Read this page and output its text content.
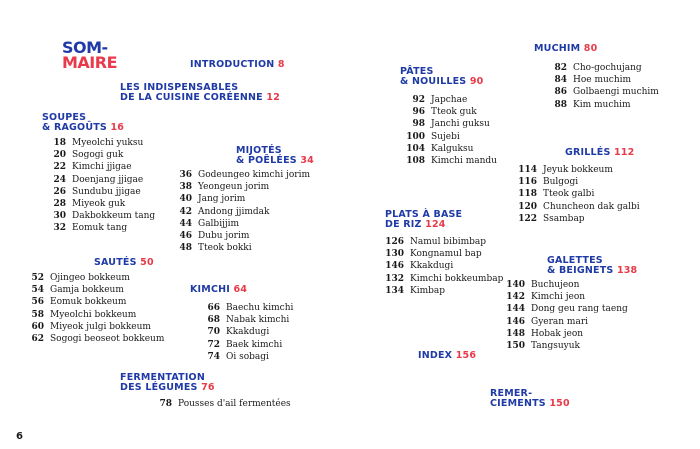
SOM-
MAIRE	INTRODUCTION 8
LES INDISPENSABLES
DE LA CUISINE CORÉENNE 12
SOUPES
& RAGOÛTS 16
MIJOTÉS
& POÊLÉES 34
SAUTÉS 50
KIMCHI 64
FERMENTATION
DES LÉGUMES 76
PÂTES
& NOUILLES 90
PLATS À BASE
DE RIZ 124
INDEX 156
MUCHIM 80
GRILLÉS 112
GALETTES
& BEIGNETS 138
REMER-
CIEMENTS 150
18 Myeolchi yuksu
20 Sogogi guk
22 Kimchi jjigae
24 Doenjang jjigae
26 Sundubu jjigae
28 Miyeok guk
30 Dakbokkeum tang
32 Eomuk tang
36 Godeungeo kimchi jorim
38 Yeongeun jorim
40 Jang jorim
42 Andong jjimdak
44 Galbijjim
46 Dubu jorim
48 Tteok bokki
52 Ojingeo bokkeum
54 Gamja bokkeum
56 Eomuk bokkeum
58 Myeolchi bokkeum
60 Miyeok julgi bokkeum
62 Sogogi beoseot bokkeum
66 Baechu kimchi
68 Nabak kimchi
70 Kkakdugi
72 Baek kimchi
74 Oi sobagi
78 Pousses d'ail fermentées
92 Japchae
96 Tteok guk
98 Janchi guksu
100 Sujebi
104 Kalguksu
108 Kimchi mandu
126 Namul bibimbap
130 Kongnamul bap
146 Kkakdugi
132 Kimchi bokkeumbap
134 Kimbap
82 Cho-gochujang
84 Hoe muchim
86 Golbaengi muchim
88 Kim muchim
114 Jeyuk bokkeum
116 Bulgogi
118 Tteok galbi
120 Chuncheon dak galbi
122 Ssambap
140 Buchujeon
142 Kimchi jeon
144 Dong geu rang taeng
146 Gyeran mari
148 Hobak jeon
150 Tangsuyuk
6
